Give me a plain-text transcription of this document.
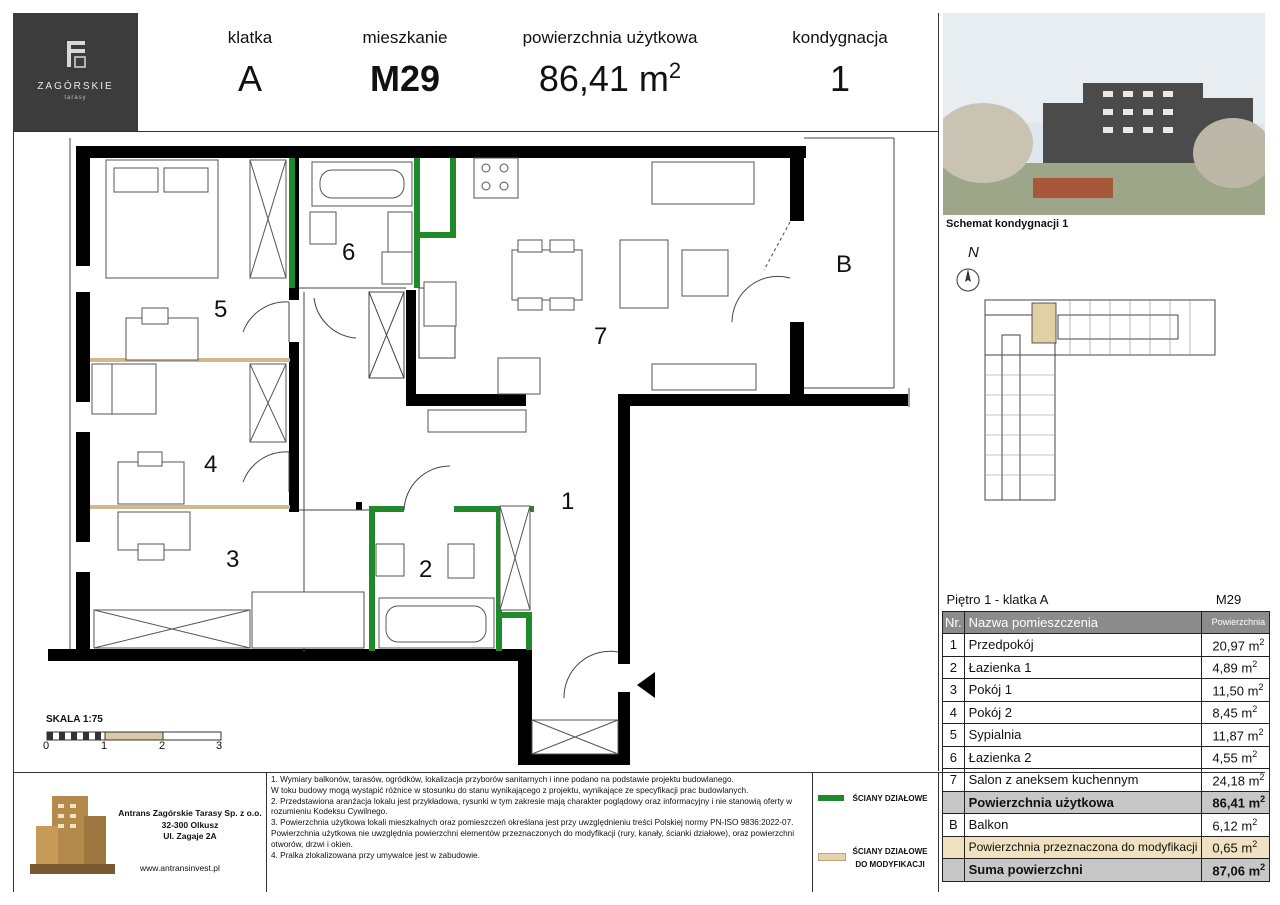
ZAGÓRSKIE
tarasy
klatka
A
mieszkanie
M29
powierzchnia użytkowa
86,41 $m^2$
kondygnacja
1
1
2
3
4
5
6
7
B
SKALA 1:75
0	1	2	3
Schemat kondygnacji 1
N
Piętro 1 - klatka A		M29
Nr.	Nazwa pomieszczenia	Powierzchnia
1	Przedpokój	20,97 $m^2$
2	Łazienka 1	4,89 $m^2$
3	Pokój 1	11,50 $m^2$
4	Pokój 2	8,45 $m^2$
5	Sypialnia	11,87 $m^2$
6	Łazienka 2	4,55 $m^2$
7	Salon z aneksem kuchennym	24,18 $m^2$
	Powierzchnia użytkowa	86,41 $m^2$
B	Balkon	6,12 $m^2$
	Powierzchnia przeznaczona do modyfikacji	0,65 $m^2$
	Suma powierzchni	87,06 $m^2$
Antrans Zagórskie Tarasy Sp. z o.o.
32-300 Olkusz
Ul. Zagaje 2A
www.antransinvest.pl

1. Wymiary balkonów, tarasów, ogródków, lokalizacja przyborów sanitarnych i inne podano na podstawie projektu budowlanego.

W toku budowy mogą wystąpić różnice w stosunku do stanu wynikającego z projektu, wynikające ze specyfikacji prac budowlanych.

2. Przedstawiona aranżacja lokalu jest przykładowa, rysunki w tym zakresie mają charakter poglądowy oraz informacyjny i nie stanowią oferty w rozumieniu Kodeksu Cywilnego.

3. Powierzchnia użytkowa lokali mieszkalnych oraz pomieszczeń określana jest przy uwzględnieniu treści Polskiej normy PN-ISO 9836:2022-07. Powierzchnia użytkowa nie uwzględnia powierzchni elementów przeznaczonych do modyfikacji (rury, kanały, ścianki działowe), oraz powierzchni otworów, drzwi i okien.

4. Pralka zlokalizowana przy umywalce jest w zabudowie.

ŚCIANY DZIAŁOWE
ŚCIANY DZIAŁOWE
DO MODYFIKACJI
